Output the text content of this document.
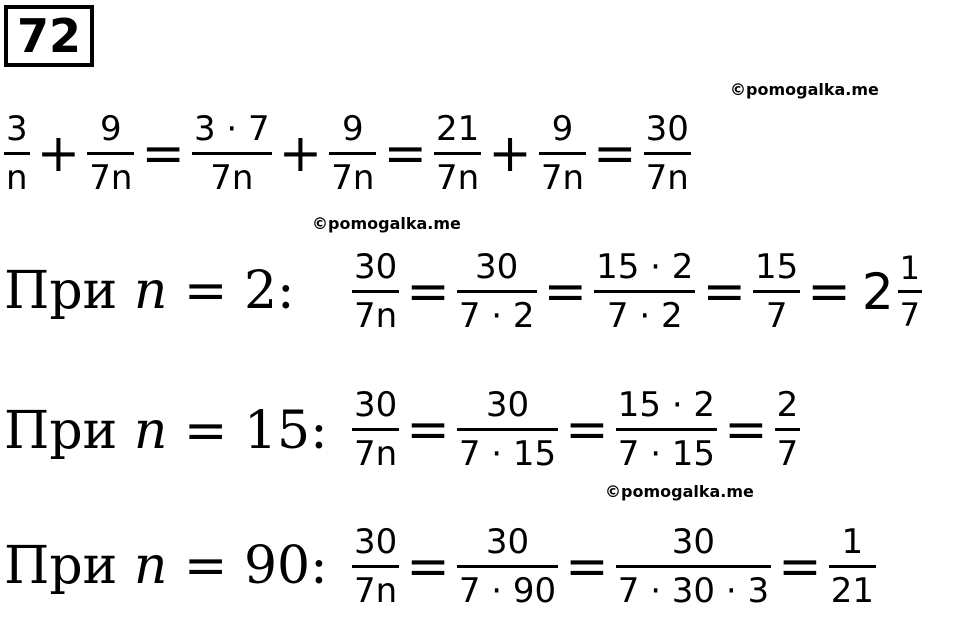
72
©pomogalka.me
©pomogalka.me
©pomogalka.me
$\frac{3}{n} + \frac{9}{7n} = \frac{3 \cdot 7}{7n} + \frac{9}{7n} = \frac{21}{7n} + \frac{9}{7n} = \frac{30}{7n}$
При n = 2: $\frac{30}{7n} = \frac{30}{7 \cdot 2} = \frac{15 \cdot 2}{7 \cdot 2} = \frac{15}{7} = 2 \frac{1}{7}$
При n = 15: $\frac{30}{7n} = \frac{30}{7 \cdot 15} = \frac{15 \cdot 2}{7 \cdot 15} = \frac{2}{7}$
При n = 90: $\frac{30}{7n} = \frac{30}{7 \cdot 90} = \frac{30}{7 \cdot 30 \cdot 3} = \frac{1}{21}$
